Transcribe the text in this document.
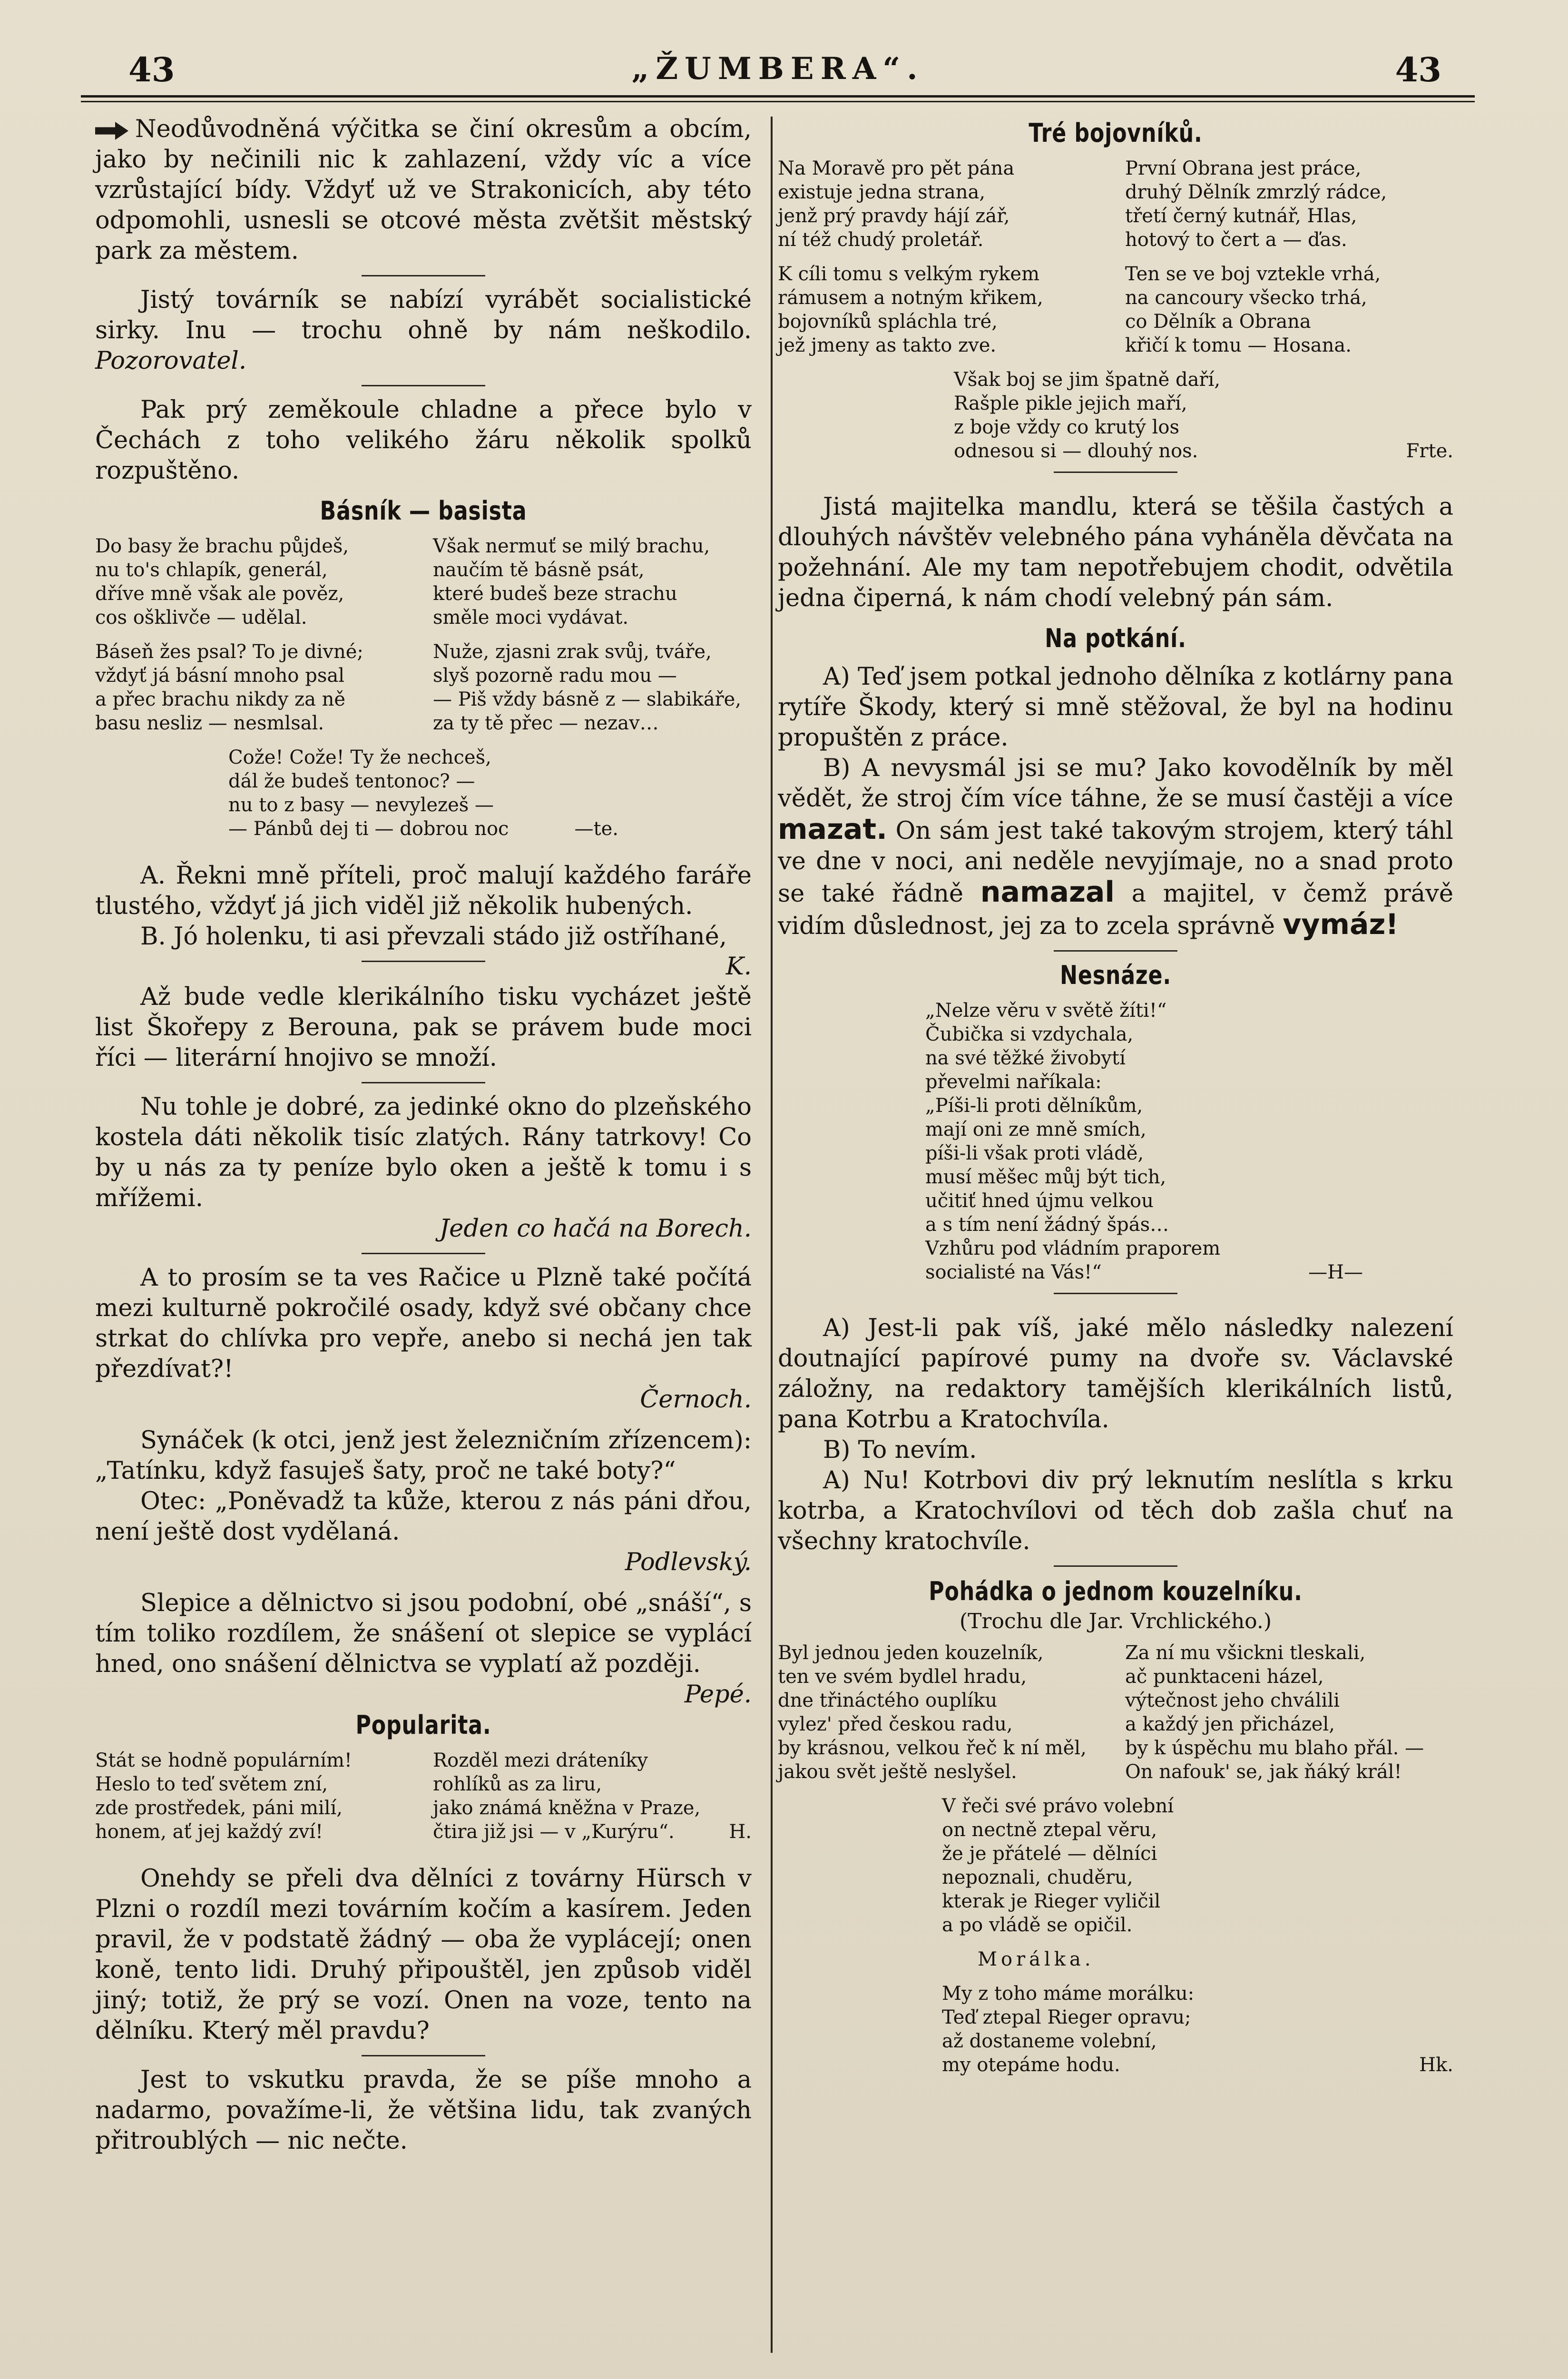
43	„ŽUMBERA“.	43

Neodůvodněná výčitka se činí okresům a obcím, jako by nečinili nic k zahlazení, vždy víc a více vzrůstající bídy. Vždyť už ve Strakonicích, aby této odpomohli, usnesli se otcové města zvětšit městský park za městem.

Jistý továrník se nabízí vyrábět socialistické sirky. Inu — trochu ohně by nám neškodilo. Pozorovatel.

Pak prý zeměkoule chladne a přece bylo v Čechách z toho velikého žáru několik spolků rozpuštěno.

Básník — basista
Do basy že brachu půjdeš,
nu to's chlapík, generál,
dříve mně však ale pověz,
cos ošklivče — udělal.
Však nermuť se milý brachu,
naučím tě básně psát,
které budeš beze strachu
směle moci vydávat.
Báseň žes psal? To je divné;
vždyť já básní mnoho psal
a přec brachu nikdy za ně
basu nesliz — nesmlsal.
Nuže, zjasni zrak svůj, tváře,
slyš pozorně radu mou —
— Piš vždy básně z — slabikáře,
za ty tě přec — nezav…
Cože! Cože! Ty že nechceš,
dál že budeš tentonoc? —
nu to z basy — nevylezeš —
— Pánbů dej ti — dobrou noc	—te.

A. Řekni mně příteli, proč malují každého faráře tlustého, vždyť já jich viděl již několik hubených.

B. Jó holenku, ti asi převzali stádo již ostříhané,

K.

Až bude vedle klerikálního tisku vycházet ještě list Škořepy z Berouna, pak se právem bude moci říci — literární hnojivo se množí.

Nu tohle je dobré, za jedinké okno do plzeňského kostela dáti několik tisíc zlatých. Rány tatrkovy! Co by u nás za ty peníze bylo oken a ještě k tomu i s mřížemi.

Jeden co hačá na Borech.

A to prosím se ta ves Račice u Plzně také počítá mezi kulturně pokročilé osady, když své občany chce strkat do chlívka pro vepře, anebo si nechá jen tak přezdívat?!

Černoch.

Synáček (k otci, jenž jest železničním zřízencem): „Tatínku, když fasuješ šaty, proč ne také boty?“

Otec: „Poněvadž ta kůže, kterou z nás páni dřou, není ještě dost vydělaná.

Podlevský.

Slepice a dělnictvo si jsou podobní, obé „snáší“, s tím toliko rozdílem, že snášení ot slepice se vyplácí hned, ono snášení dělnictva se vyplatí až později.

Pepé.

Popularita.
Stát se hodně populárním!
Heslo to teď světem zní,
zde prostředek, páni milí,
honem, ať jej každý zví!
Rozděl mezi dráteníky
rohlíků as za liru,
jako známá kněžna v Praze,
čtira již jsi — v „Kurýru“.	H.

Onehdy se přeli dva dělníci z továrny Hürsch v Plzni o rozdíl mezi továrním kočím a kasírem. Jeden pravil, že v podstatě žádný — oba že vyplácejí; onen koně, tento lidi. Druhý připouštěl, jen způsob viděl jiný; totiž, že prý se vozí. Onen na voze, tento na dělníku. Který měl pravdu?

Jest to vskutku pravda, že se píše mnoho a nadarmo, považíme-li, že většina lidu, tak zvaných přitroublých — nic nečte.

Tré bojovníků.
Na Moravě pro pět pána
existuje jedna strana,
jenž prý pravdy hájí zář,
ní též chudý proletář.
První Obrana jest práce,
druhý Dělník zmrzlý rádce,
třetí černý kutnář, Hlas,
hotový to čert a — ďas.
K cíli tomu s velkým rykem
rámusem a notným křikem,
bojovníků spláchla tré,
jež jmeny as takto zve.
Ten se ve boj vztekle vrhá,
na cancoury všecko trhá,
co Dělník a Obrana
křičí k tomu — Hosana.
Však boj se jim špatně daří,
Rašple pikle jejich maří,
z boje vždy co krutý los
odnesou si — dlouhý nos.	Frte.

Jistá majitelka mandlu, která se těšila častých a dlouhých návštěv velebného pána vyháněla děvčata na požehnání. Ale my tam nepotřebujem chodit, odvětila jedna čiperná, k nám chodí velebný pán sám.

Na potkání.

A) Teď jsem potkal jednoho dělníka z kotlárny pana rytíře Škody, který si mně stěžoval, že byl na hodinu propuštěn z práce.

B) A nevysmál jsi se mu? Jako kovodělník by měl vědět, že stroj čím více táhne, že se musí častěji a více mazat. On sám jest také takovým strojem, který táhl ve dne v noci, ani neděle nevyjímaje, no a snad proto se také řádně namazal a majitel, v čemž právě vidím důslednost, jej za to zcela správně vymáz!

Nesnáze.
„Nelze věru v světě žíti!“
Čubička si vzdychala,
na své těžké živobytí
převelmi naříkala:
„Píši-li proti dělníkům,
mají oni ze mně smích,
píši-li však proti vládě,
musí měšec můj být tich,
učitiť hned újmu velkou
a s tím není žádný špás…
Vzhůru pod vládním praporem
socialisté na Vás!“	—H—

A) Jest-li pak víš, jaké mělo následky nalezení doutnající papírové pumy na dvoře sv. Václavské záložny, na redaktory tamějších klerikálních listů, pana Kotrbu a Kratochvíla.

B) To nevím.

A) Nu! Kotrbovi div prý leknutím neslítla s krku kotrba, a Kratochvílovi od těch dob zašla chuť na všechny kratochvíle.

Pohádka o jednom kouzelníku.
(Trochu dle Jar. Vrchlického.)
Byl jednou jeden kouzelník,
ten ve svém bydlel hradu,
dne třináctého ouplíku
vylez' před českou radu,
by krásnou, velkou řeč k ní měl,
jakou svět ještě neslyšel.
Za ní mu všickni tleskali,
ač punktaceni házel,
výtečnost jeho chválili
a každý jen přicházel,
by k úspěchu mu blaho přál. —
On nafouk' se, jak ňáký král!
V řeči své právo volební
on nectně ztepal věru,
že je přátelé — dělníci
nepoznali, chuděru,
kterak je Rieger vyličil
a po vládě se opičil.
Morálka.
My z toho máme morálku:
Teď ztepal Rieger opravu;
až dostaneme volební,
my otepáme hodu.	Hk.
